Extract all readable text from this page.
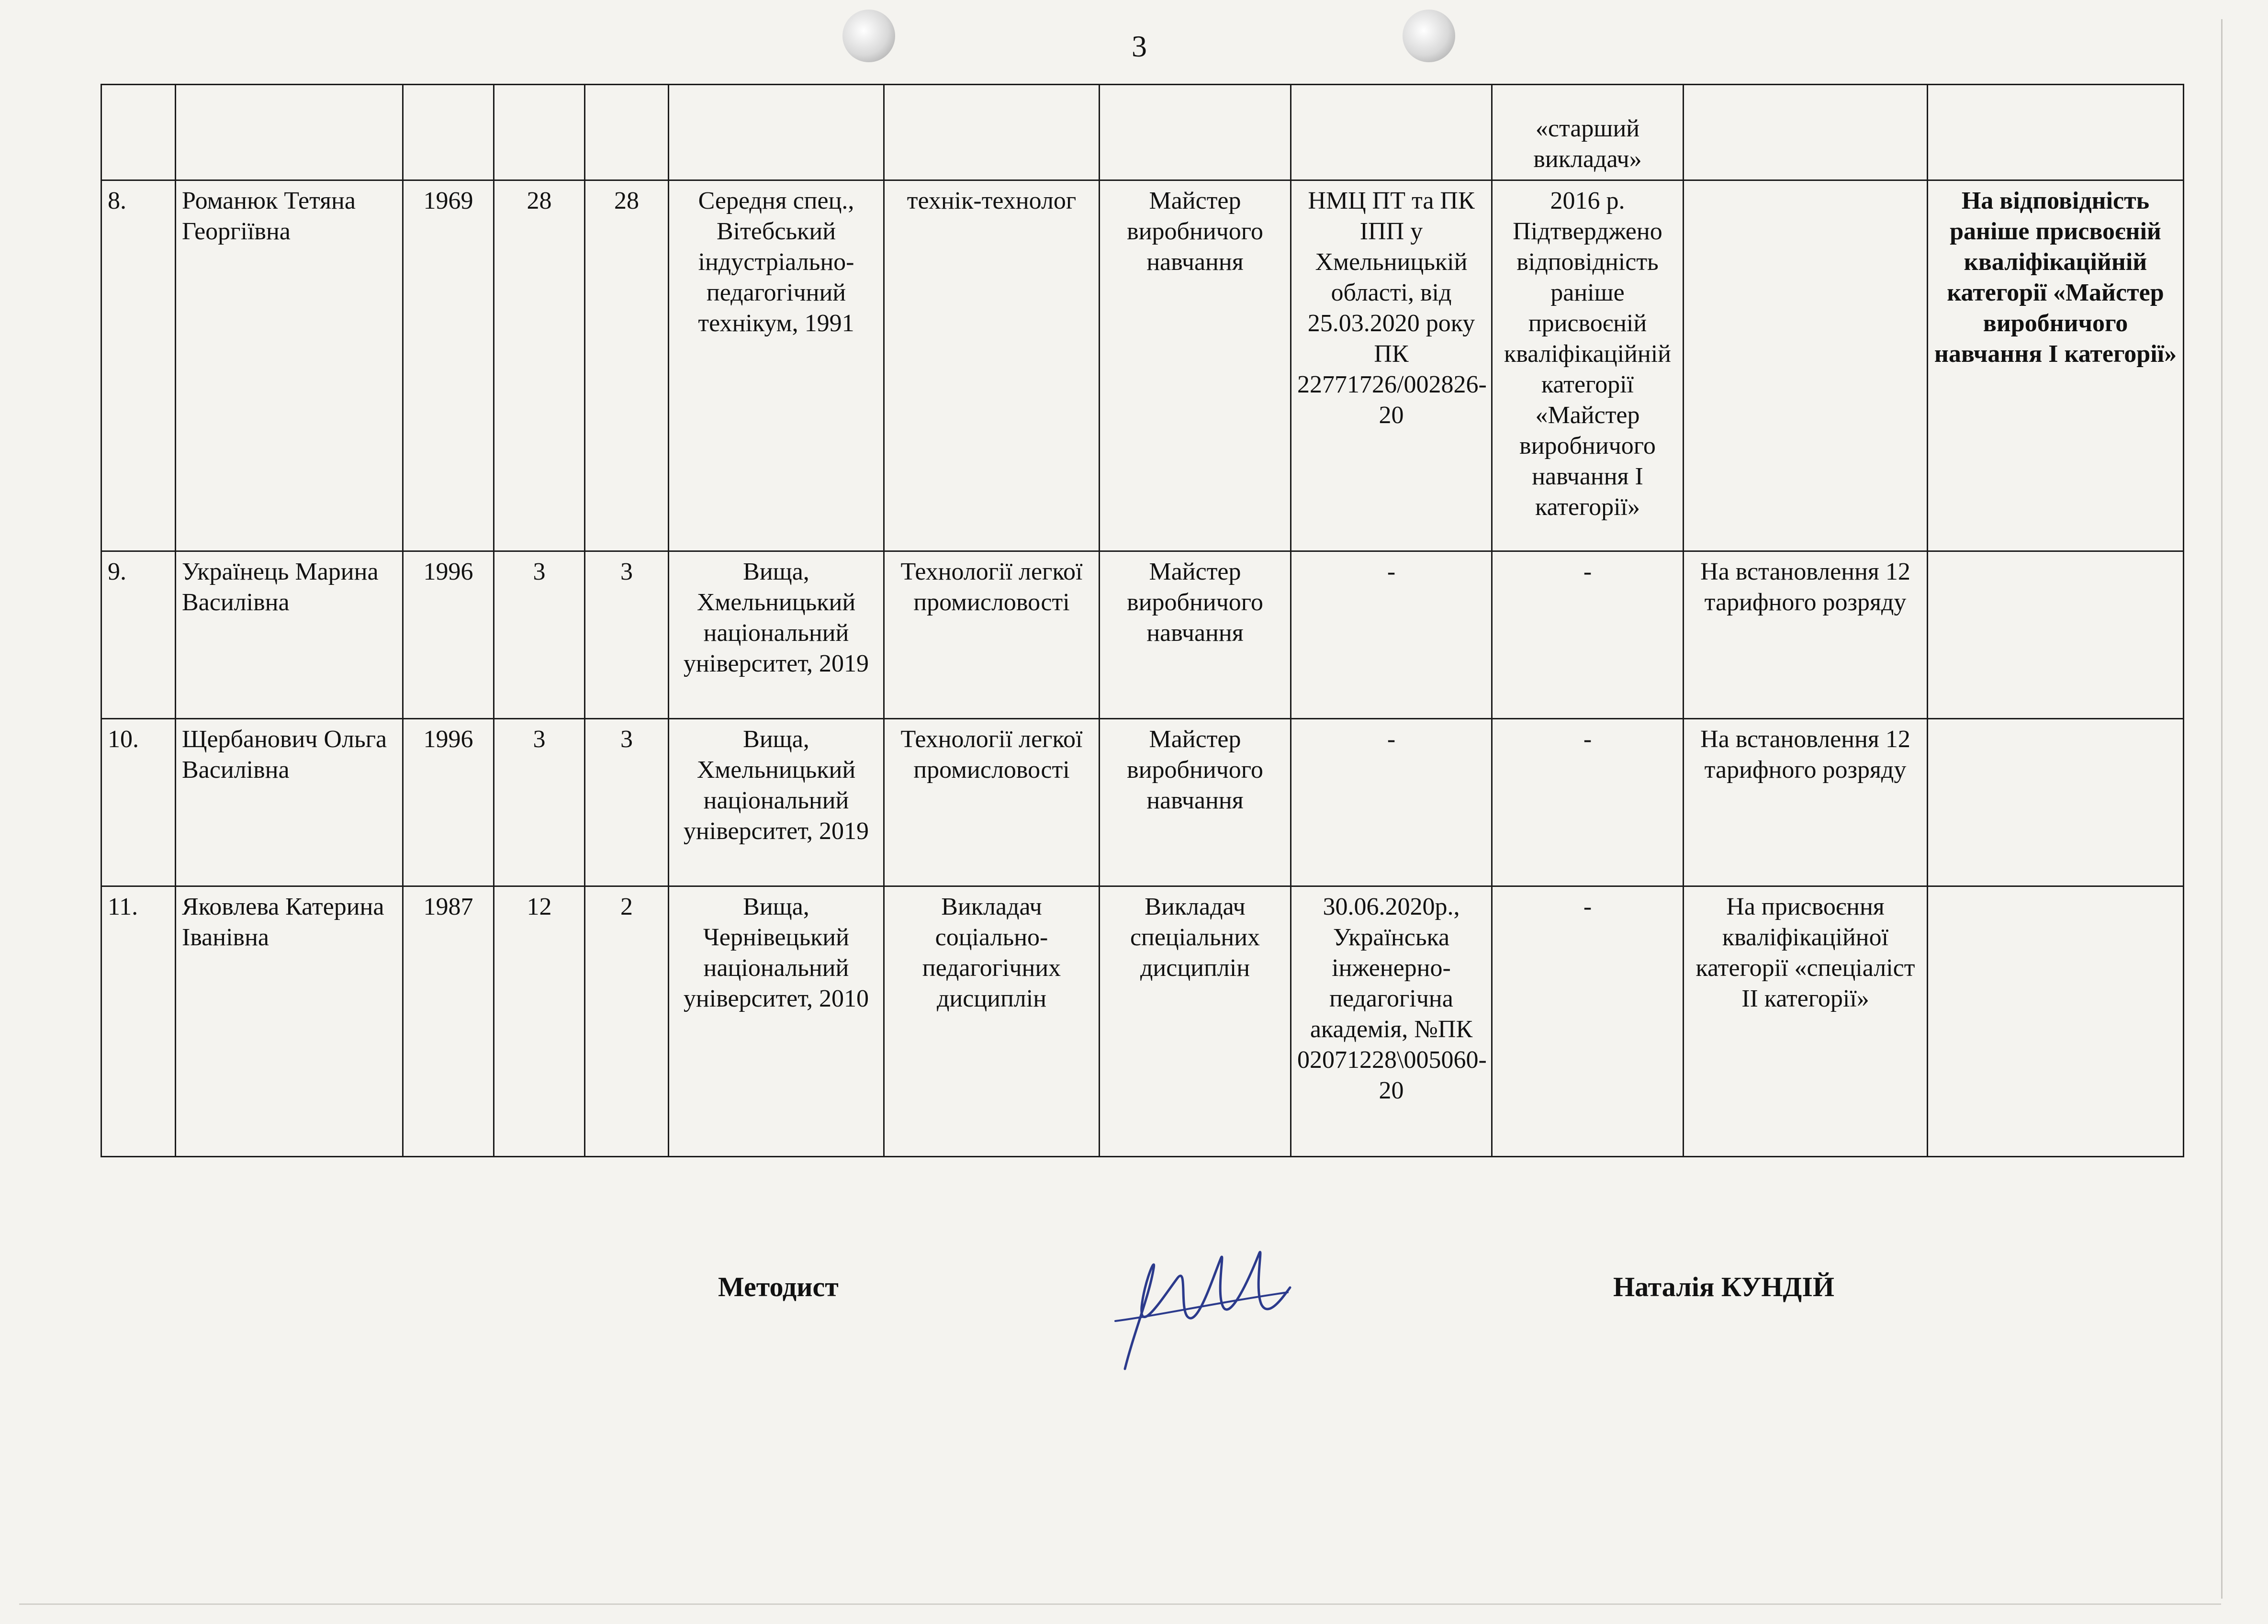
3
									«старший викладач»		
8.	Романюк Тетяна Георгіївна	1969	28	28	Середня спец., Вітебський індустріально-педагогічний технікум, 1991	технік-технолог	Майстер виробничого навчання	НМЦ ПТ та ПК ІПП у Хмельницькій області, від 25.03.2020 року ПК 22771726/002826-20	2016 р. Підтверджено відповідність раніше присвоєній кваліфікаційній категорії «Майстер виробничого навчання І категорії»		На відповідність раніше присвоєній кваліфікаційній категорії «Майстер виробничого навчання І категорії»
9.	Українець Марина Василівна	1996	3	3	Вища, Хмельницький національний університет, 2019	Технології легкої промисловості	Майстер виробничого навчання	-	-	На встановлення 12 тарифного розряду	
10.	Щербанович Ольга Василівна	1996	3	3	Вища, Хмельницький національний університет, 2019	Технології легкої промисловості	Майстер виробничого навчання	-	-	На встановлення 12 тарифного розряду	
11.	Яковлева Катерина Іванівна	1987	12	2	Вища, Чернівецький національний університет, 2010	Викладач соціально-педагогічних дисциплін	Викладач спеціальних дисциплін	30.06.2020р., Українська інженерно-педагогічна академія, №ПК 02071228\005060-20	-	На присвоєння кваліфікаційної категорії «спеціаліст ІІ категорії»	
Методист	Наталія КУНДІЙ
